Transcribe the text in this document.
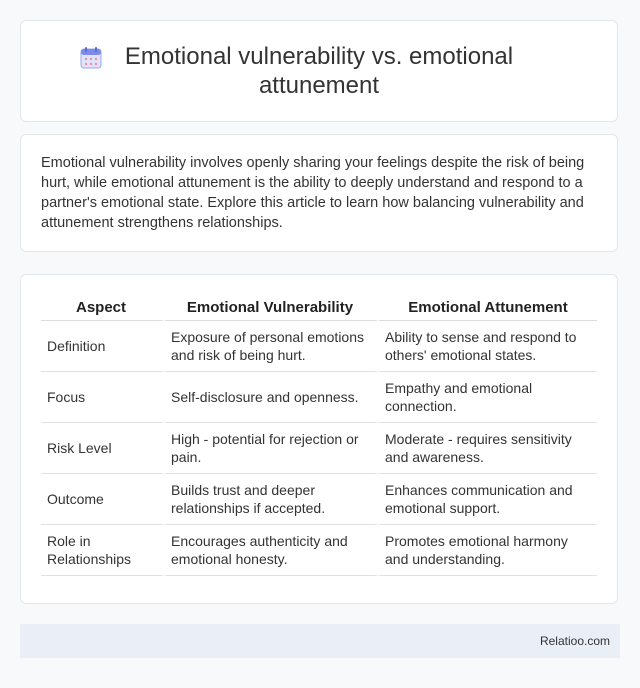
Emotional vulnerability vs. emotional attunement

Emotional vulnerability involves openly sharing your feelings despite the risk of being hurt, while emotional attunement is the ability to deeply understand and respond to a partner's emotional state. Explore this article to learn how balancing vulnerability and attunement strengthens relationships.

Aspect	Emotional Vulnerability	Emotional Attunement
Definition	Exposure of personal emotions and risk of being hurt.	Ability to sense and respond to others' emotional states.
Focus	Self-disclosure and openness.	Empathy and emotional connection.
Risk Level	High - potential for rejection or pain.	Moderate - requires sensitivity and awareness.
Outcome	Builds trust and deeper relationships if accepted.	Enhances communication and emotional support.
Role in Relationships	Encourages authenticity and emotional honesty.	Promotes emotional harmony and understanding.
Relatioo.com
